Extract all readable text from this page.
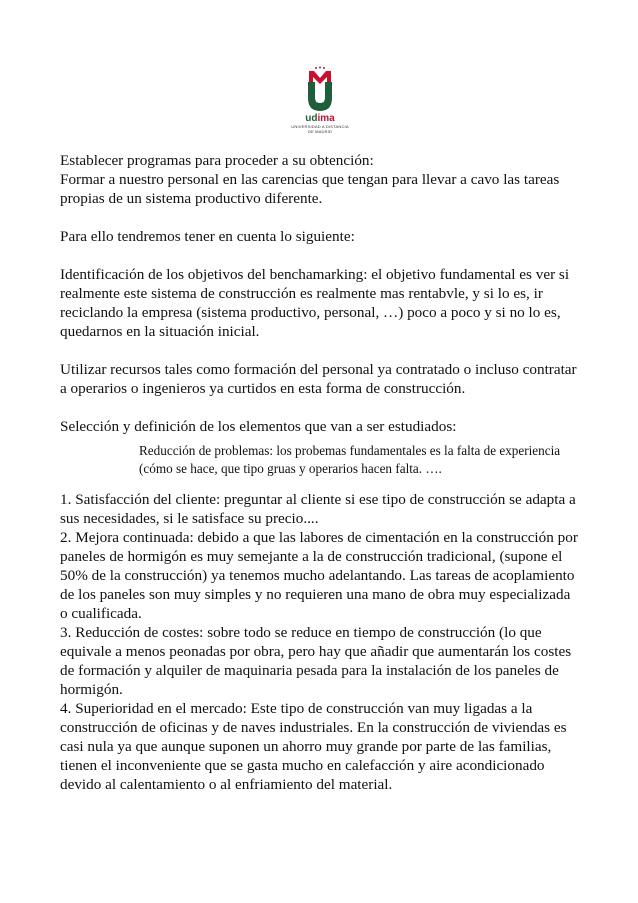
udima
UNIVERSIDAD A DISTANCIA
DE MADRID

Establecer programas para proceder a su obtención:

Formar a nuestro personal en las carencias que tengan para llevar a cavo las tareas propias de un sistema productivo diferente.

Para ello tendremos tener en cuenta lo siguiente:

Identificación de los objetivos del benchamarking: el objetivo fundamental es ver si realmente este sistema de construcción es realmente mas rentabvle, y si lo es, ir reciclando la empresa (sistema productivo, personal, …) poco a poco y si no lo es, quedarnos en la situación inicial.

Utilizar recursos tales como formación del personal ya contratado o incluso contratar a operarios o ingenieros ya curtidos en esta forma de construcción.

Selección y definición de los elementos que van a ser estudiados:

Reducción de problemas: los probemas fundamentales es la falta de experiencia (cómo se hace, que tipo gruas y operarios hacen falta. ….

1. Satisfacción del cliente: preguntar al cliente si ese tipo de construcción se adapta a sus necesidades, si le satisface su precio....

2. Mejora continuada: debido a que las labores de cimentación en la construcción por paneles de hormigón es muy semejante a la de construcción tradicional, (supone el 50% de la construcción) ya tenemos mucho adelantando. Las tareas de acoplamiento de los paneles son muy simples y no requieren una mano de obra muy especializada o cualificada.

3. Reducción de costes: sobre todo se reduce en tiempo de construcción (lo que equivale a menos peonadas por obra, pero hay que añadir que aumentarán los costes de formación y alquiler de maquinaria pesada para la instalación de los paneles de hormigón.

4. Superioridad en el mercado: Este tipo de construcción van muy ligadas a la construcción de oficinas y de naves industriales. En la construcción de viviendas es casi nula ya que aunque suponen un ahorro muy grande por parte de las familias, tienen el inconveniente que se gasta mucho en calefacción y aire acondicionado devido al calentamiento o al enfriamiento del material.
